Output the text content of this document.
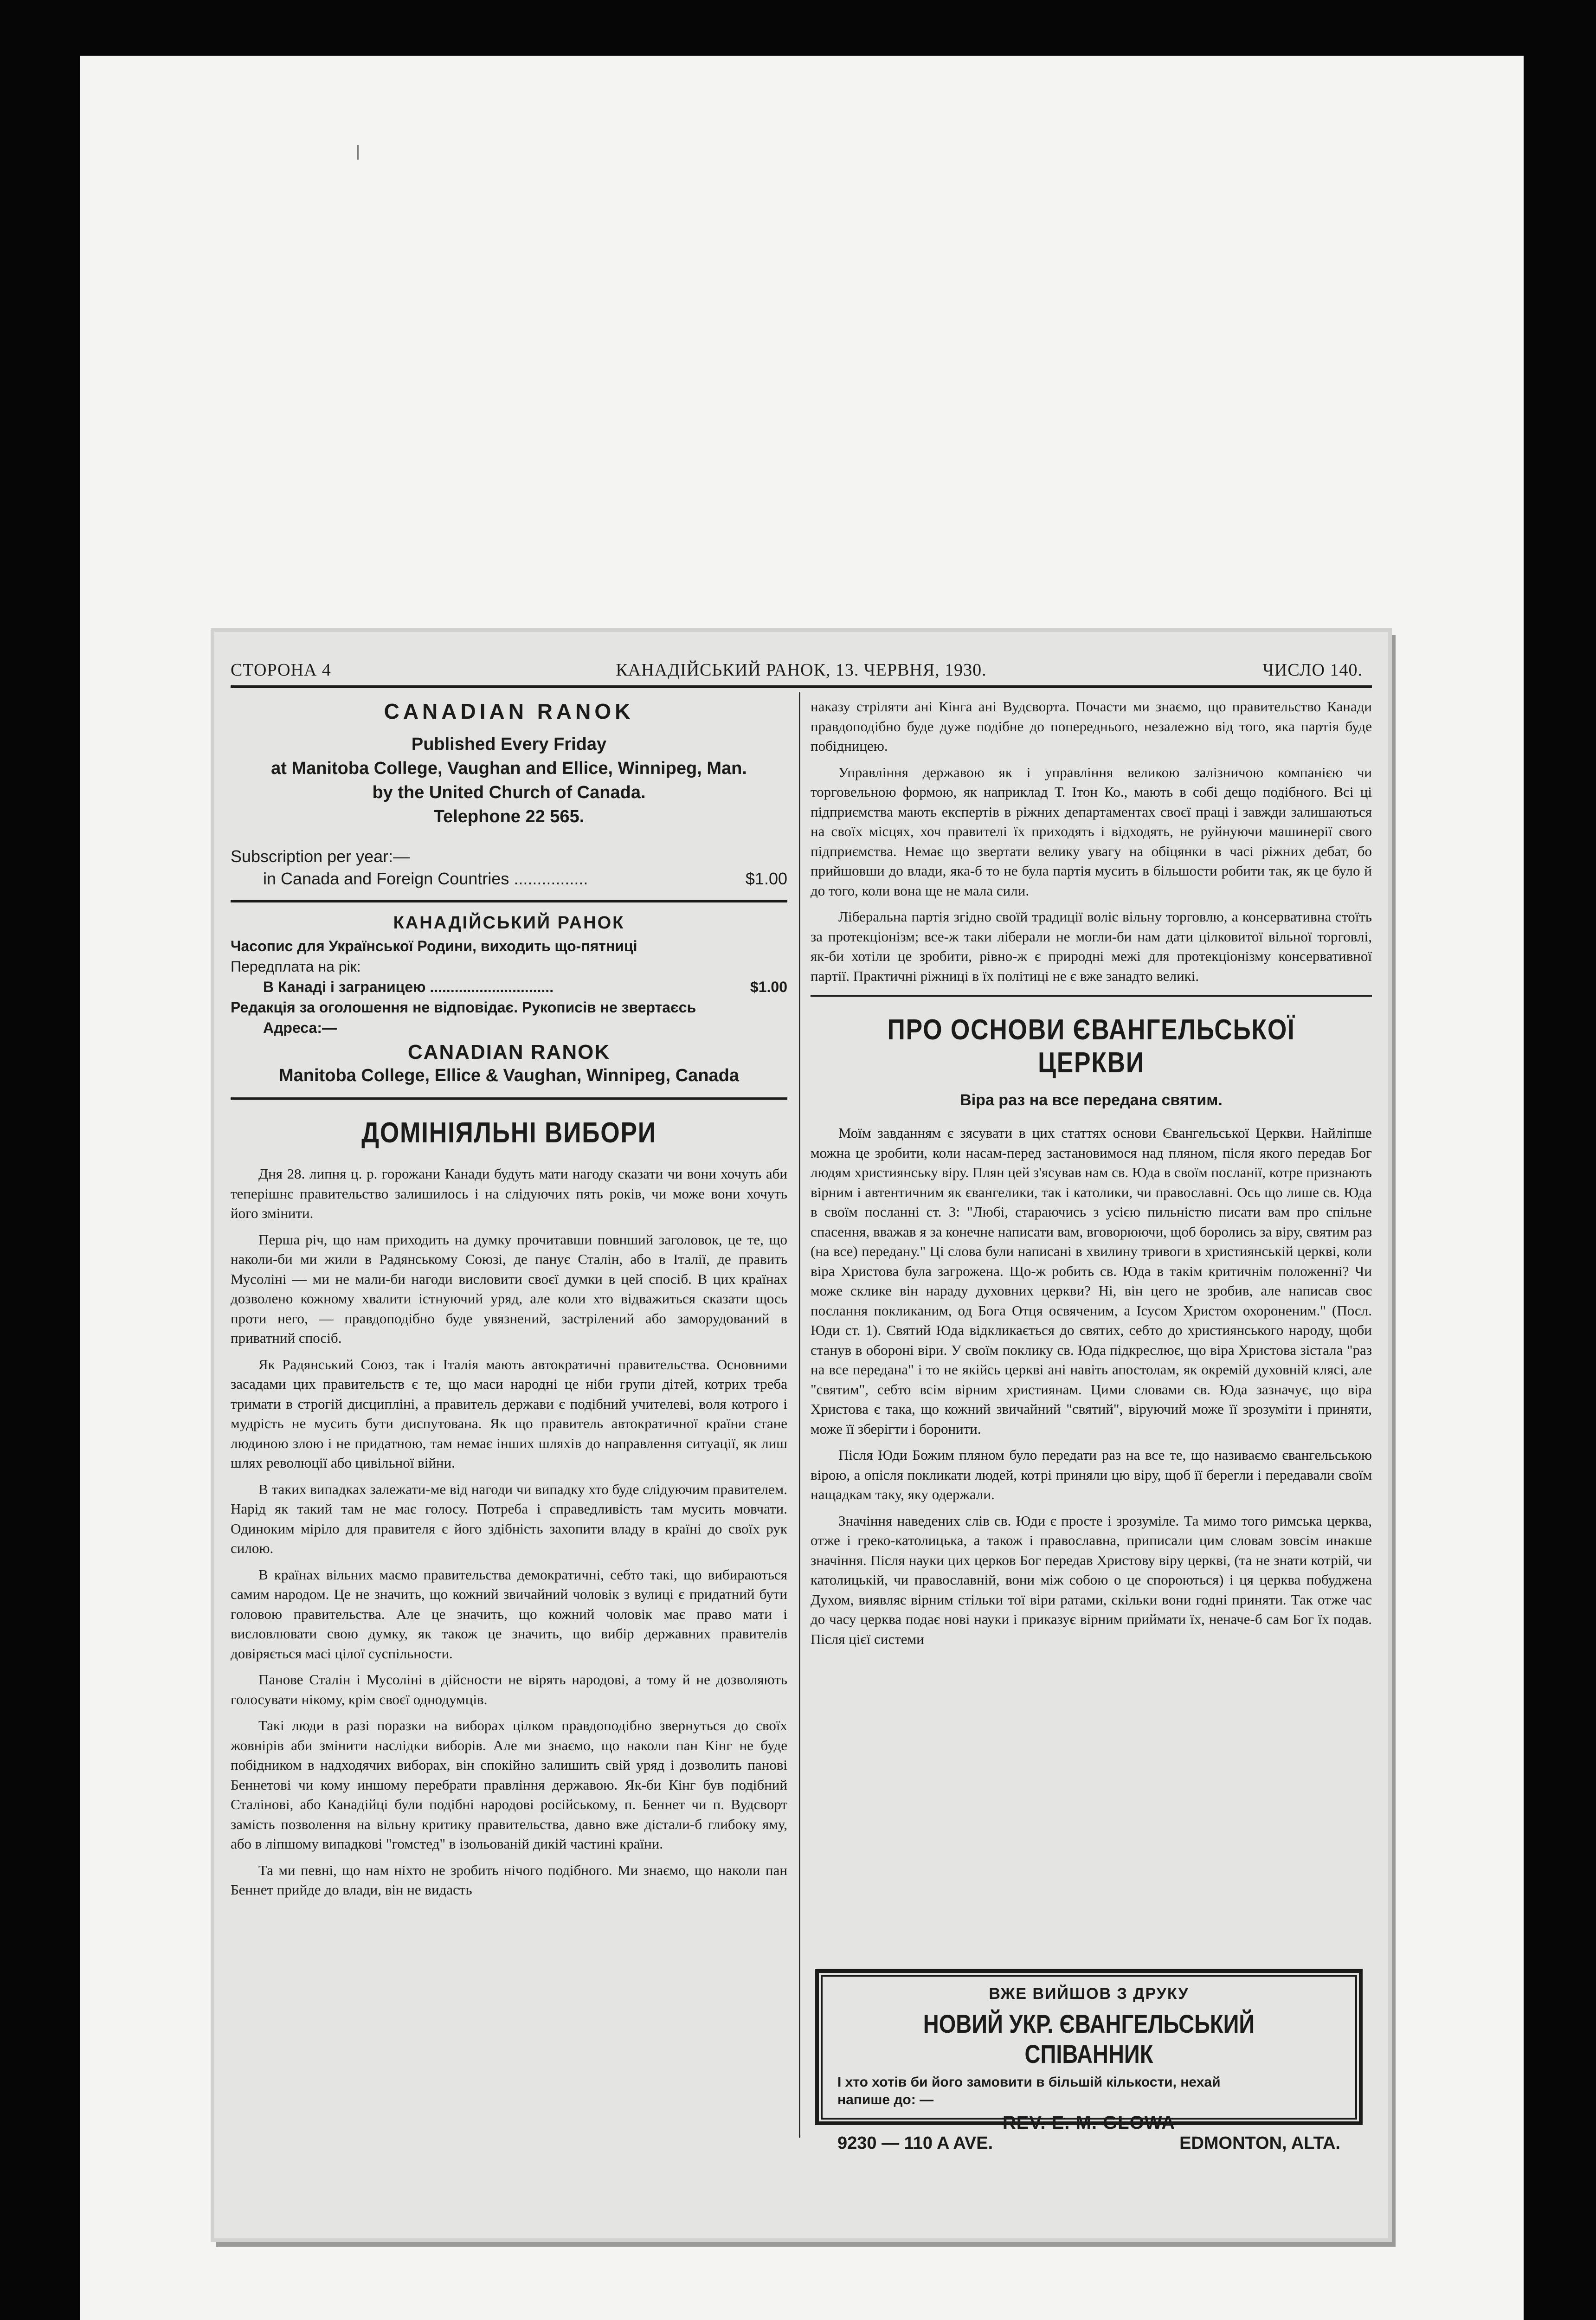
СТОРОНА 4	КАНАДІЙСЬКИЙ РАНОК, 13. ЧЕРВНЯ, 1930.	ЧИСЛО 140.
CANADIAN RANOK
Published Every Friday
at Manitoba College, Vaughan and Ellice, Winnipeg, Man.
by the United Church of Canada.
Telephone 22 565.
Subscription per year:—
in Canada and Foreign Countries ................	$1.00
КАНАДІЙСЬКИЙ РАНОК
Часопис для Української Родини, виходить що-пятниці
Передплата на рік:
В Канаді і заграницею ..............................	$1.00
Редакція за оголошення не відповідає. Рукописів не звертаєсь
Адреса:—
CANADIAN RANOK
Manitoba College, Ellice & Vaughan, Winnipeg, Canada
ДОМІНІЯЛЬНІ ВИБОРИ

Дня 28. липня ц. р. горожани Канади будуть мати нагоду сказати чи вони хочуть аби теперішнє правительство залишилось і на слідуючих пять років, чи може вони хочуть його змінити.

Перша річ, що нам приходить на думку прочитавши повнший заголовок, це те, що наколи-би ми жили в Радянському Союзі, де панує Сталін, або в Італії, де править Мусоліні — ми не мали-би нагоди висловити своєї думки в цей спосіб. В цих країнах дозволено кожному хвалити істнуючий уряд, але коли хто відважиться сказати щось проти него, — правдоподібно буде увязнений, застрілений або заморудований в приватний спосіб.

Як Радянський Союз, так і Італія мають автократичні правительства. Основними засадами цих правительств є те, що маси народні це ніби групи дітей, котрих треба тримати в строгій дисципліні, а правитель держави є подібний учителеві, воля котрого і мудрість не мусить бути диспутована. Як що правитель автократичної країни стане людиною злою і не придатною, там немає інших шляхів до направлення ситуації, як лиш шлях революції або цивільної війни.

В таких випадках залежати-ме від нагоди чи випадку хто буде слідуючим правителем. Нарід як такий там не має голосу. Потреба і справедливість там мусить мовчати. Одиноким міріло для правителя є його здібність захопити владу в країні до своїх рук силою.

В країнах вільних маємо правительства демократичні, себто такі, що вибираються самим народом. Це не значить, що кожний звичайний чоловік з вулиці є придатний бути головою правительства. Але це значить, що кожний чоловік має право мати і висловлювати свою думку, як також це значить, що вибір державних правителів довіряється масі цілої суспільности.

Панове Сталін і Мусоліні в дійсности не вірять народові, а тому й не дозволяють голосувати нікому, крім своєї однодумців.

Такі люди в разі поразки на виборах цілком правдоподібно звернуться до своїх жовнірів аби змінити наслідки виборів. Але ми знаємо, що наколи пан Кінг не буде побідником в надходячих виборах, він спокійно залишить свій уряд і дозволить панові Беннетові чи кому иншому перебрати правління державою. Як-би Кінг був подібний Сталінові, або Канадійці були подібні народові російському, п. Беннет чи п. Вудсворт замість позволення на вільну критику правительства, давно вже дістали-б глибоку яму, або в ліпшому випадкові "гомстед" в ізольованій дикій частині країни.

Та ми певні, що нам ніхто не зробить нічого подібного. Ми знаємо, що наколи пан Беннет прийде до влади, він не видасть

наказу стріляти ані Кінга ані Вудсворта. Почасти ми знаємо, що правительство Канади правдоподібно буде дуже подібне до попереднього, незалежно від того, яка партія буде побідницею.

Управління державою як і управління великою залізничою компанією чи торговельною формою, як наприклад Т. Ітон Ко., мають в собі дещо подібного. Всі ці підприємства мають експертів в ріжних департаментах своєї праці і завжди залишаються на своїх місцях, хоч правителі їх приходять і відходять, не руйнуючи машинерії свого підприємства. Немає що звертати велику увагу на обіцянки в часі ріжних дебат, бо прийшовши до влади, яка-б то не була партія мусить в більшости робити так, як це було й до того, коли вона ще не мала сили.

Ліберальна партія згідно своїй традиції воліє вільну торговлю, а консервативна стоїть за протекціонізм; все-ж таки ліберали не могли-би нам дати цілковитої вільної торговлі, як-би хотіли це зробити, рівно-ж є природні межі для протекціонізму консервативної партії. Практичні ріжниці в їх політиці не є вже занадто великі.

ПРО ОСНОВИ ЄВАНГЕЛЬСЬКОЇ ЦЕРКВИ
Віра раз на все передана святим.

Моїм завданням є зясувати в цих статтях основи Євангельської Церкви. Найліпше можна це зробити, коли насам-перед застановимося над пляном, після якого передав Бог людям християнську віру. Плян цей з'ясував нам св. Юда в своїм посланії, котре признають вірним і автентичним як євангелики, так і католики, чи православні. Ось що лише св. Юда в своїм посланні ст. 3: "Любі, стараючись з усією пильністю писати вам про спільне спасення, вважав я за конечне написати вам, вговорюючи, щоб боролись за віру, святим раз (на все) передану." Ці слова були написані в хвилину тривоги в християнській церкві, коли віра Христова була загрожена. Що-ж робить св. Юда в такім критичнім положенні? Чи може склике він нараду духовних церкви? Ні, він цего не зробив, але написав своє послання покликаним, од Бога Отця освяченим, а Ісусом Христом охороненим." (Посл. Юди ст. 1). Святий Юда відкликається до святих, себто до християнського народу, щоби станув в обороні віри. У своїм поклику св. Юда підкреслює, що віра Христова зістала "раз на все передана" і то не якійсь церкві ані навіть апостолам, як окремій духовній клясі, але "святим", себто всім вірним християнам. Цими словами св. Юда зазначує, що віра Христова є така, що кожний звичайний "святий", віруючий може її зрозуміти і приняти, може її зберігти і боронити.

Після Юди Божим пляном було передати раз на все те, що називаємо євангельською вірою, а опісля покликати людей, котрі приняли цю віру, щоб її берегли і передавали своїм нащадкам таку, яку одержали.

Значіння наведених слів св. Юди є просте і зрозуміле. Та мимо того римська церква, отже і греко-католицька, а також і православна, приписали цим словам зовсім инакше значіння. Після науки цих церков Бог передав Христову віру церкві, (та не знати котрій, чи католицькій, чи православній, вони між собою о це спороються) і ця церква побуджена Духом, виявляє вірним стільки тої віри ратами, скільки вони годні приняти. Так отже час до часу церква подає нові науки і приказує вірним приймати їх, неначе-б сам Бог їх подав. Після цієї системи

ВЖЕ ВИЙШОВ З ДРУКУ
НОВИЙ УКР. ЄВАНГЕЛЬСЬКИЙ СПІВАННИК
І хто хотів би його замовити в більшій кількости, нехай
напише до: —
REV. E. M. GLOWA
9230 — 110 A AVE.	EDMONTON, ALTA.
